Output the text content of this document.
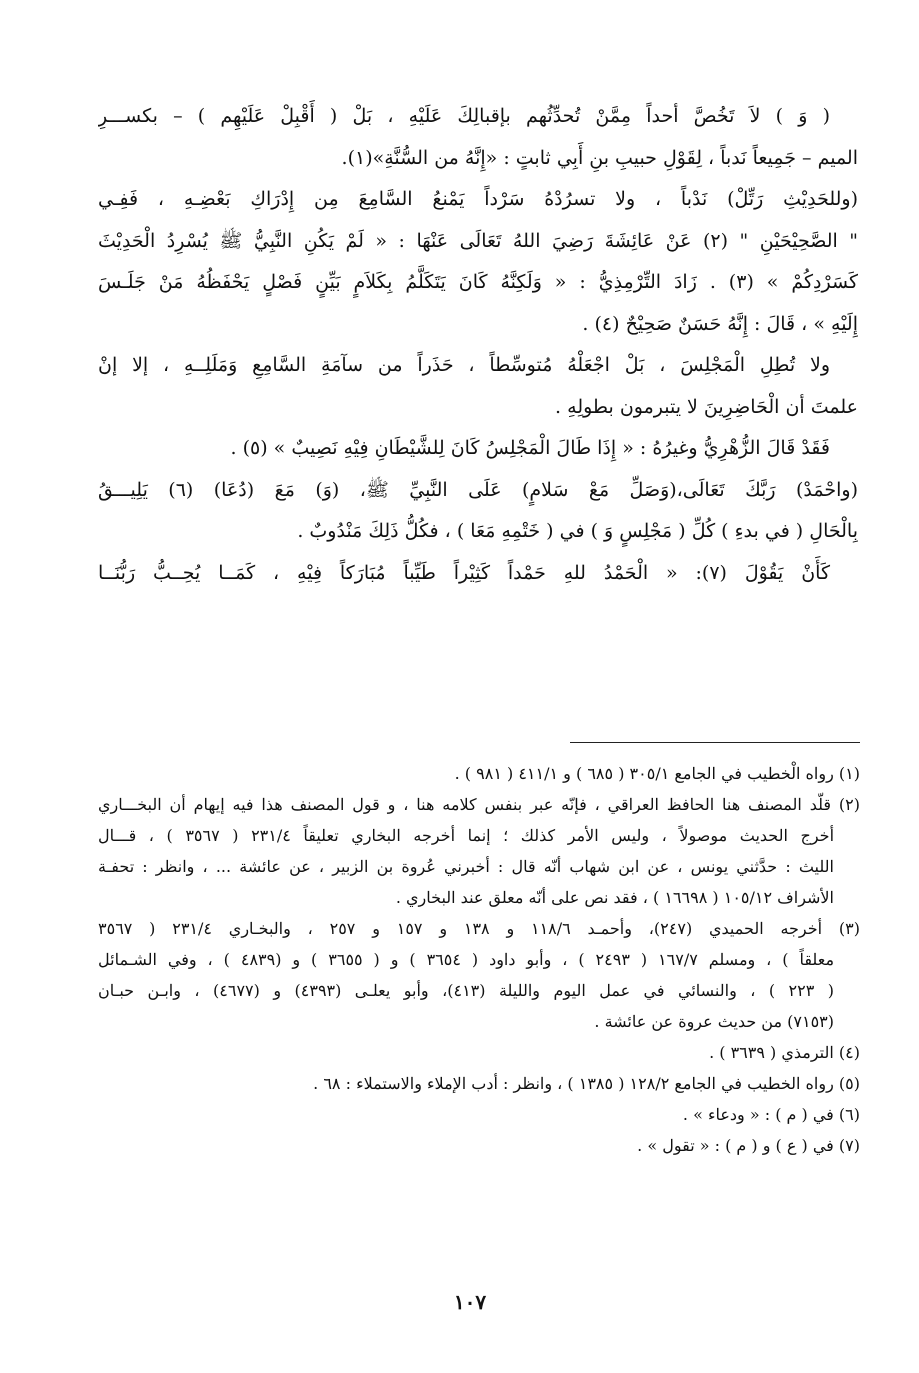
( وَ ) لاَ تَخُصَّ أحداً مِمَّنْ تُحدِّثُهم بإقبالِكَ عَلَيْهِ ، بَلْ ( أَقْبِلْ عَلَيْهِم ) – بكســـرِ
الميم – جَمِيعاً نَدباً ، لِقَوْلِ حبيبِ بنِ أَبِي ثابتٍ : «إِنَّهُ من السُّنَّةِ»(١).
(وللحَدِيْثِ رَتِّلْ) نَدْباً ، ولا تسرُدْهُ سَرْداً يَمْنعُ السَّامِعَ مِن إِدْرَاكِ بَعْضِـهِ ، فَفِـي
" الصَّحِيْحَيْنِ " (٢) عَنْ عَائِشَةَ رَضِيَ اللهُ تَعَالَى عَنْهَا : « لَمْ يَكُنِ النَّبِيُّ ﷺ يُسْرِدُ الْحَدِيْثَ
كَسَرْدِكُمْ » (٣) . زَادَ التِّرْمِذِيُّ : « وَلَكِنَّهُ كَانَ يَتَكَلَّمُ بِكَلاَمٍ بَيِّنٍ فَصْلٍ يَحْفَظُهُ مَنْ جَلَـسَ
إِلَيْهِ » ، قَالَ : إِنَّهُ حَسَنٌ صَحِيْحٌ (٤) .
ولا تُطِلِ الْمَجْلِسَ ، بَلْ اجْعَلْهُ مُتوسِّطاً ، حَذَراً من سآمَةِ السَّامِعِ وَمَلَلِــهِ ، إلا إنْ
علمتَ أن الْحَاضِرِينَ لا يتبرمون بطولِهِ .
فَقَدْ قَالَ الزُّهْرِيُّ وغيرُهُ : « إِذَا طَالَ الْمَجْلِسُ كَانَ لِلشَّيْطَانِ فِيْهِ نَصِيبٌ » (٥) .
(واحْمَدْ) رَبَّكَ تَعَالَى،(وَصَلِّ مَعْ سَلامٍ) عَلَى النَّبِيِّ ﷺ، (وَ) مَعَ (دُعَا) (٦) يَلِيـــقُ
بِالْحَالِ ( في بدءِ ) كُلِّ ( مَجْلِسٍ وَ ) في ( خَتْمِهِ مَعَا ) ، فكُلُّ ذَلِكَ مَنْدُوبٌ .
كَأَنْ يَقُوْلَ (٧): « الْحَمْدُ للهِ حَمْداً كَثِيْراً طَيِّباً مُبَارَكاً فِيْهِ ، كَمَــا يُحِــبُّ رَبُّنَــا
(١) رواه الْخطيب في الجامع ٣٠٥/١ ( ٦٨٥ ) و ٤١١/١ ( ٩٨١ ) .
(٢) قلّد المصنف هنا الحافظ العراقي ، فإنّه عبر بنفس كلامه هنا ، و قول المصنف هذا فيه إيهام أن البخـــاري
أخرج الحديث موصولاً ، وليس الأمر كذلك ؛ إنما أخرجه البخاري تعليقاً ٢٣١/٤ ( ٣٥٦٧ ) ، قـــال
الليث : حدَّثني يونس ، عن ابن شهاب أنّه قال : أخبرني عُروة بن الزبير ، عن عائشة ... ، وانظر : تحفـة
الأشراف ١٠٥/١٢ ( ١٦٦٩٨ ) ، فقد نص على أنّه معلق عند البخاري .
(٣) أخرجه الحميدي (٢٤٧)، وأحمـد ١١٨/٦ و ١٣٨ و ١٥٧ و ٢٥٧ ، والبخـاري ٢٣١/٤ ( ٣٥٦٧
معلقاً ) ، ومسلم ١٦٧/٧ ( ٢٤٩٣ ) ، وأبو داود ( ٣٦٥٤ ) و ( ٣٦٥٥ ) و (٤٨٣٩ ) ، وفي الشـمائل
( ٢٢٣ ) ، والنسائي في عمل اليوم والليلة (٤١٣)، وأبو يعلـى (٤٣٩٣) و (٤٦٧٧) ، وابـن حبـان
(٧١٥٣) من حديث عروة عن عائشة .
(٤) الترمذي ( ٣٦٣٩ ) .
(٥) رواه الخطيب في الجامع ١٢٨/٢ ( ١٣٨٥ ) ، وانظر : أدب الإملاء والاستملاء : ٦٨ .
(٦) في ( م ) : « ودعاء » .
(٧) في ( ع ) و ( م ) : « تقول » .
١٠٧
